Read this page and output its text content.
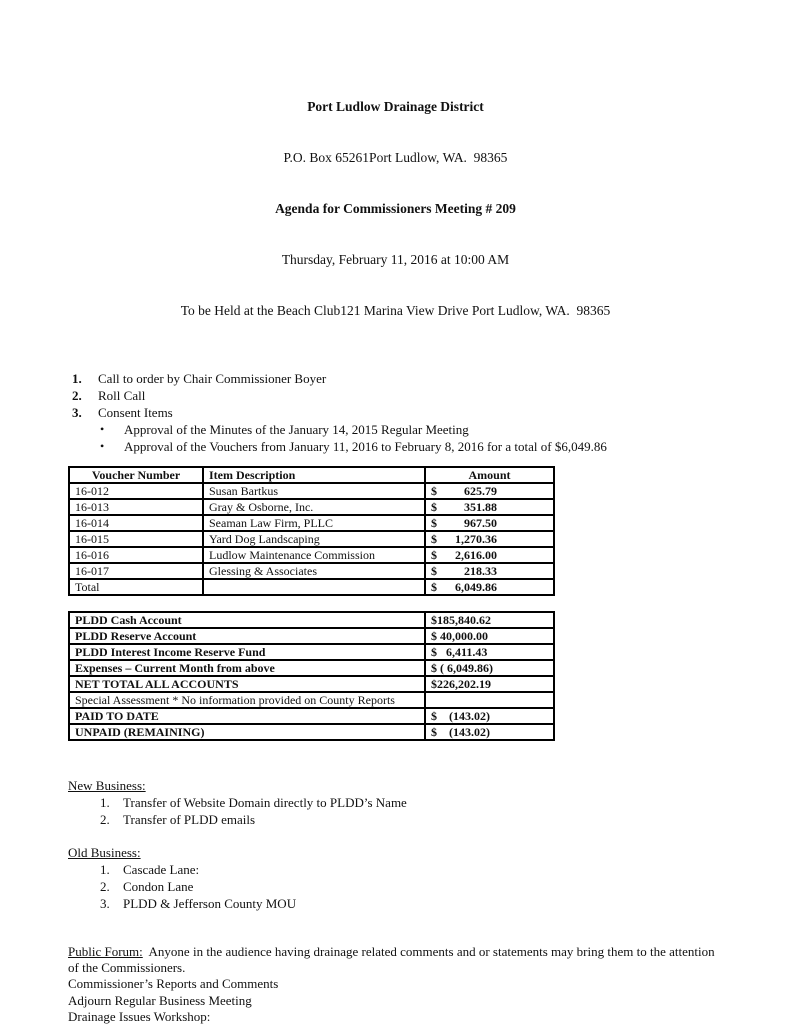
Port Ludlow Drainage District

P.O. Box 65261Port Ludlow, WA.  98365

Agenda for Commissioners Meeting # 209

Thursday, February 11, 2016 at 10:00 AM

To be Held at the Beach Club121 Marina View Drive Port Ludlow, WA.  98365

1.	Call to order by Chair Commissioner Boyer
2.	Roll Call
3.	Consent Items
•	Approval of the Minutes of the January 14, 2015 Regular Meeting
•	Approval of the Vouchers from January 11, 2016 to February 8, 2016 for a total of $6,049.86
Voucher Number	Item Description	Amount
16-012	Susan Bartkus	$ 625.79

16-013	Gray & Osborne, Inc.	$ 351.88

16-014	Seaman Law Firm, PLLC	$ 967.50

16-015	Yard Dog Landscaping	$ 1,270.36

16-016	Ludlow Maintenance Commission	$ 2,616.00

16-017	Glessing & Associates	$ 218.33

Total		$ 6,049.86
PLDD Cash Account	$185,840.62
PLDD Reserve Account	$ 40,000.00
PLDD Interest Income Reserve Fund	$   6,411.43
Expenses – Current Month from above	$ ( 6,049.86)
NET TOTAL ALL ACCOUNTS	$226,202.19
Special Assessment * No information provided on County Reports	
PAID TO DATE	$    (143.02)
UNPAID (REMAINING)	$    (143.02)
New Business:
1.	Transfer of Website Domain directly to PLDD’s Name
2.	Transfer of PLDD emails
Old Business:
1.	Cascade Lane:
2.	Condon Lane
3.	PLDD & Jefferson County MOU
Public Forum:  Anyone in the audience having drainage related comments and or statements may bring them to the attention of the Commissioners.
Commissioner’s Reports and Comments
Adjourn Regular Business Meeting
Drainage Issues Workshop:
